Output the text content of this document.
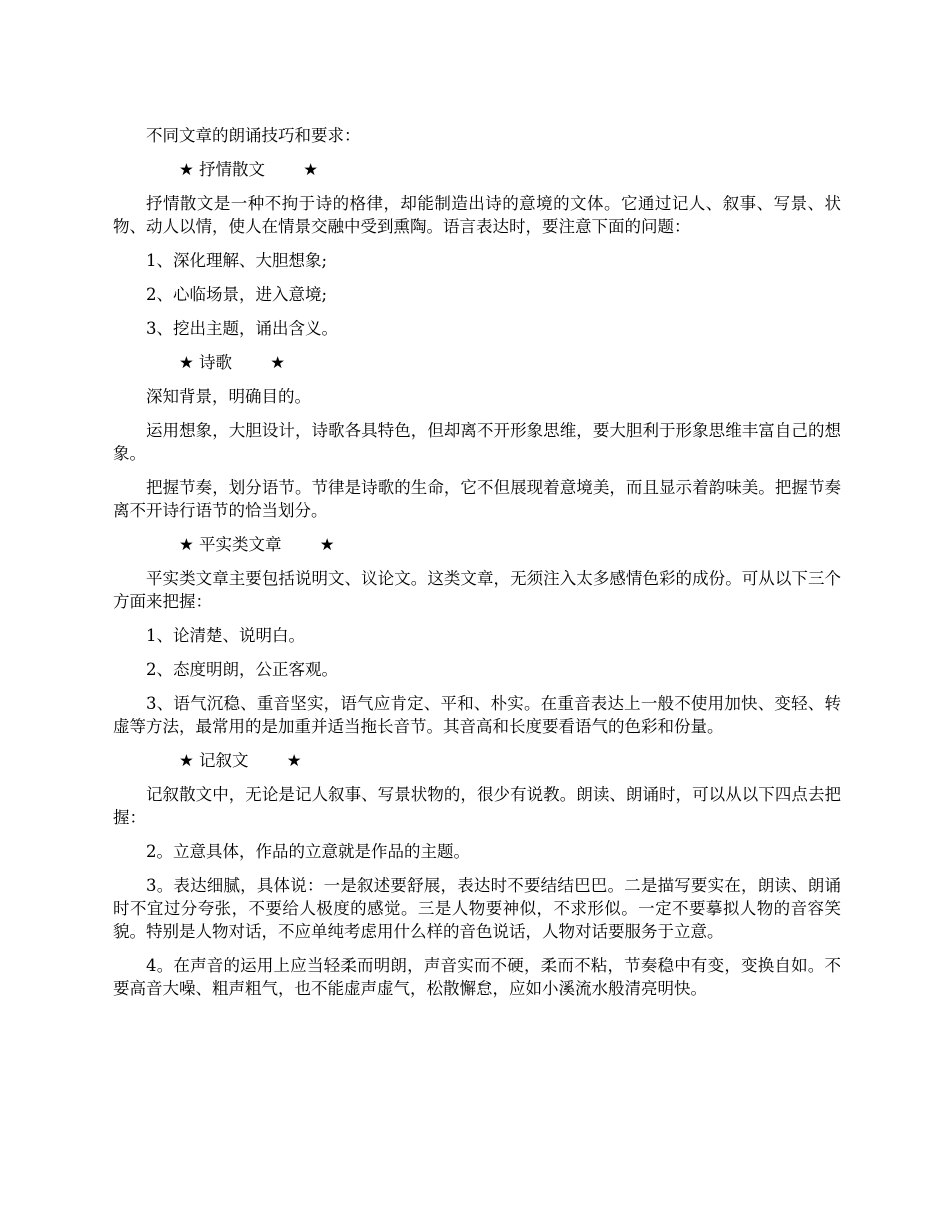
不同文章的朗诵技巧和要求：

★ 抒情散文 ★

抒情散文是一种不拘于诗的格律，却能制造出诗的意境的文体。它通过记人、叙事、写景、状物、动人以情，使人在情景交融中受到熏陶。语言表达时，要注意下面的问题：

1、深化理解、大胆想象;

2、心临场景，进入意境;

3、挖出主题，诵出含义。

★ 诗歌 ★

深知背景，明确目的。

运用想象，大胆设计，诗歌各具特色，但却离不开形象思维，要大胆利于形象思维丰富自己的想象。

把握节奏，划分语节。节律是诗歌的生命，它不但展现着意境美，而且显示着韵味美。把握节奏离不开诗行语节的恰当划分。

★ 平实类文章 ★

平实类文章主要包括说明文、议论文。这类文章，无须注入太多感情色彩的成份。可从以下三个方面来把握：

1、论清楚、说明白。

2、态度明朗，公正客观。

3、语气沉稳、重音坚实，语气应肯定、平和、朴实。在重音表达上一般不使用加快、变轻、转虚等方法，最常用的是加重并适当拖长音节。其音高和长度要看语气的色彩和份量。

★ 记叙文 ★

记叙散文中，无论是记人叙事、写景状物的，很少有说教。朗读、朗诵时，可以从以下四点去把握：

2。立意具体，作品的立意就是作品的主题。

3。表达细腻，具体说：一是叙述要舒展，表达时不要结结巴巴。二是描写要实在，朗读、朗诵时不宜过分夸张，不要给人极度的感觉。三是人物要神似，不求形似。一定不要摹拟人物的音容笑貌。特别是人物对话，不应单纯考虑用什么样的音色说话，人物对话要服务于立意。

4。在声音的运用上应当轻柔而明朗，声音实而不硬，柔而不粘，节奏稳中有变，变换自如。不要高音大噪、粗声粗气，也不能虚声虚气，松散懈怠，应如小溪流水般清亮明快。
